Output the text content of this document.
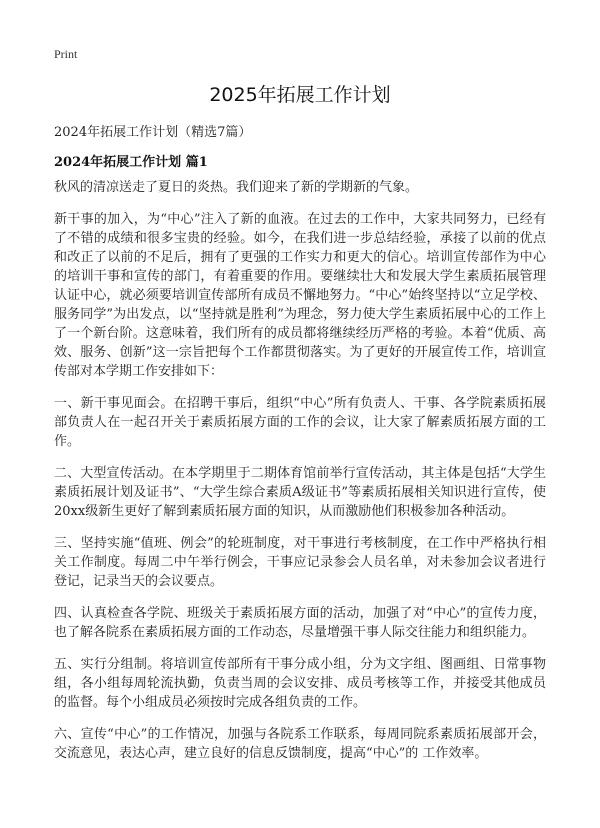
Print
2025年拓展工作计划

2024年拓展工作计划（精选7篇）

2024年拓展工作计划 篇1

秋风的清凉送走了夏日的炎热。我们迎来了新的学期新的气象。

新干事的加入，为“中心”注入了新的血液。在过去的工作中，大家共同努力，已经有了不错的成绩和很多宝贵的经验。如今，在我们进一步总结经验，承接了以前的优点和改正了以前的不足后，拥有了更强的工作实力和更大的信心。培训宣传部作为中心的培训干事和宣传的部门，有着重要的作用。要继续壮大和发展大学生素质拓展管理认证中心，就必须要培训宣传部所有成员不懈地努力。“中心”始终坚持以“立足学校、服务同学”为出发点，以“坚持就是胜利”为理念，努力使大学生素质拓展中心的工作上了一个新台阶。这意味着，我们所有的成员都将继续经历严格的考验。本着“优质、高效、服务、创新”这一宗旨把每个工作都贯彻落实。为了更好的开展宣传工作，培训宣传部对本学期工作安排如下：

一、新干事见面会。在招聘干事后，组织“中心”所有负责人、干事、各学院素质拓展部负责人在一起召开关于素质拓展方面的工作的会议，让大家了解素质拓展方面的工作。

二、大型宣传活动。在本学期里于二期体育馆前举行宣传活动，其主体是包括“大学生素质拓展计划及证书”、“大学生综合素质A级证书”等素质拓展相关知识进行宣传，使20xx级新生更好了解到素质拓展方面的知识，从而激励他们积极参加各种活动。

三、坚持实施“值班、例会”的轮班制度，对干事进行考核制度，在工作中严格执行相关工作制度。每周二中午举行例会，干事应记录参会人员名单，对未参加会议者进行登记，记录当天的会议要点。

四、认真检查各学院、班级关于素质拓展方面的活动，加强了对“中心”的宣传力度，也了解各院系在素质拓展方面的工作动态，尽量增强干事人际交往能力和组织能力。

五、实行分组制。将培训宣传部所有干事分成小组，分为文字组、图画组、日常事物组，各小组每周轮流执勤，负责当周的会议安排、成员考核等工作，并接受其他成员的监督。每个小组成员必须按时完成各组负责的工作。

六、宣传“中心”的工作情况，加强与各院系工作联系，每周同院系素质拓展部开会，交流意见，表达心声，建立良好的信息反馈制度，提高“中心”的 工作效率。
